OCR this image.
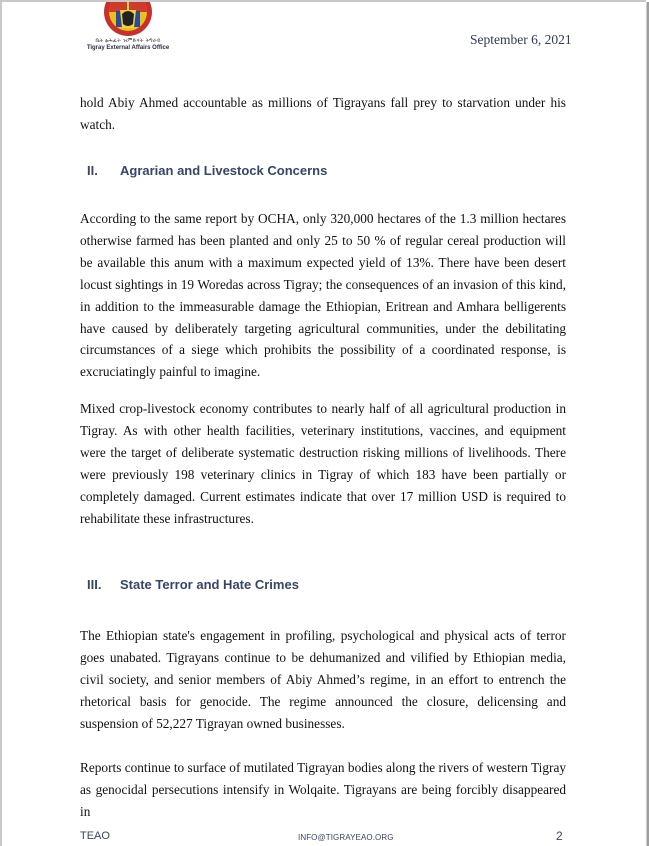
ቤት ፅሕፈት ዝምድናት ትግራይ
Tigray External Affairs Office
September 6, 2021
hold Abiy Ahmed accountable as millions of Tigrayans fall prey to starvation under his watch.
II. Agrarian and Livestock Concerns
According to the same report by OCHA, only 320,000 hectares of the 1.3 million hectares otherwise farmed has been planted and only 25 to 50 % of regular cereal production will be available this anum with a maximum expected yield of 13%. There have been desert locust sightings in 19 Woredas across Tigray; the consequences of an invasion of this kind, in addition to the immeasurable damage the Ethiopian, Eritrean and Amhara belligerents have caused by deliberately targeting agricultural communities, under the debilitating circumstances of a siege which prohibits the possibility of a coordinated response, is excruciatingly painful to imagine.
Mixed crop-livestock economy contributes to nearly half of all agricultural production in Tigray. As with other health facilities, veterinary institutions, vaccines, and equipment were the target of deliberate systematic destruction risking millions of livelihoods. There were previously 198 veterinary clinics in Tigray of which 183 have been partially or completely damaged. Current estimates indicate that over 17 million USD is required to rehabilitate these infrastructures.
III. State Terror and Hate Crimes
The Ethiopian state's engagement in profiling, psychological and physical acts of terror goes unabated. Tigrayans continue to be dehumanized and vilified by Ethiopian media, civil society, and senior members of Abiy Ahmed’s regime, in an effort to entrench the rhetorical basis for genocide. The regime announced the closure, delicensing and suspension of 52,227 Tigrayan owned businesses.
Reports continue to surface of mutilated Tigrayan bodies along the rivers of western Tigray as genocidal persecutions intensify in Wolqaite. Tigrayans are being forcibly disappeared in
TEAO	INFO@TIGRAYEAO.ORG	2
